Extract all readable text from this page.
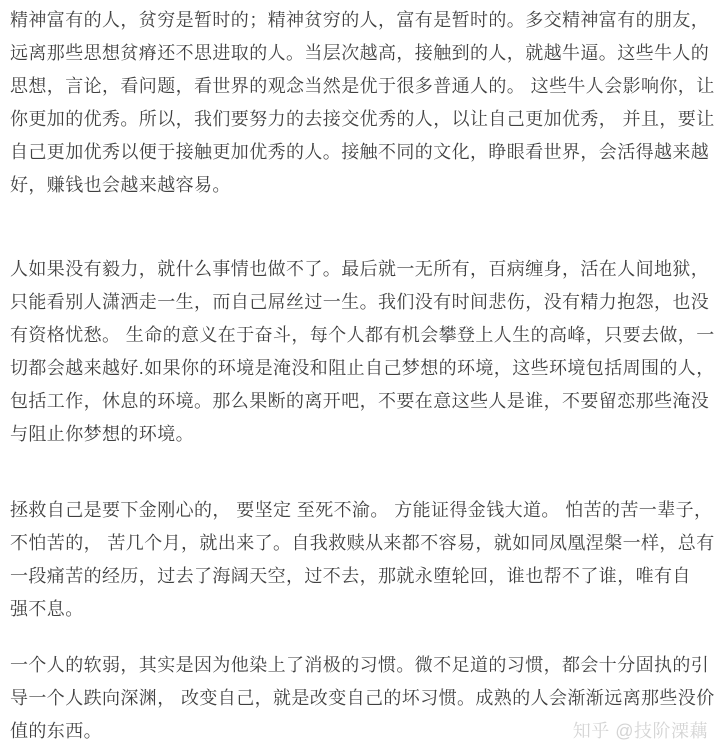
精神富有的人，贫穷是暂时的；精神贫穷的人，富有是暂时的。多交精神富有的朋友，
远离那些思想贫瘠还不思进取的人。当层次越高，接触到的人，就越牛逼。这些牛人的
思想，言论，看问题，看世界的观念当然是优于很多普通人的。 这些牛人会影响你，让
你更加的优秀。所以，我们要努力的去接交优秀的人，以让自己更加优秀， 并且，要让
自己更加优秀以便于接触更加优秀的人。接触不同的文化，睁眼看世界，会活得越来越
好，赚钱也会越来越容易。

人如果没有毅力，就什么事情也做不了。最后就一无所有，百病缠身，活在人间地狱，
只能看别人潇洒走一生，而自己屌丝过一生。我们没有时间悲伤，没有精力抱怨，也没
有资格忧愁。 生命的意义在于奋斗，每个人都有机会攀登上人生的高峰，只要去做，一
切都会越来越好.如果你的环境是淹没和阻止自己梦想的环境，这些环境包括周围的人，
包括工作，休息的环境。那么果断的离开吧，不要在意这些人是谁，不要留恋那些淹没
与阻止你梦想的环境。

拯救自己是要下金刚心的， 要坚定 至死不渝。 方能证得金钱大道。 怕苦的苦一辈子，
不怕苦的， 苦几个月，就出来了。自我救赎从来都不容易，就如同凤凰涅槃一样，总有
一段痛苦的经历，过去了海阔天空，过不去，那就永堕轮回，谁也帮不了谁，唯有自
强不息。

一个人的软弱，其实是因为他染上了消极的习惯。微不足道的习惯，都会十分固执的引
导一个人跌向深渊， 改变自己，就是改变自己的坏习惯。成熟的人会渐渐远离那些没价
值的东西。	知乎 @技阶溧藕
